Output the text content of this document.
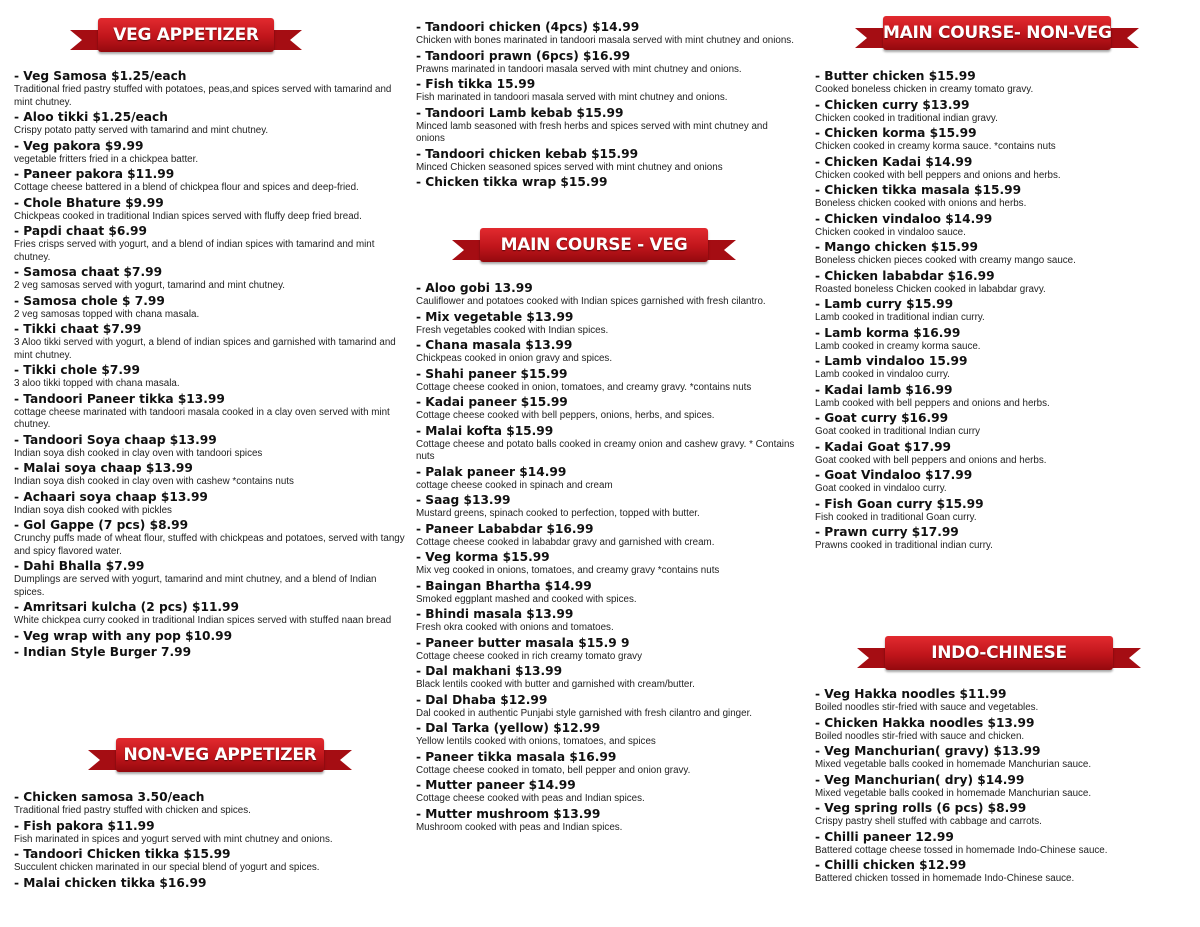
VEG APPETIZER
- Veg Samosa $1.25/each
Traditional fried pastry stuffed with potatoes, peas,and spices served with tamarind and mint chutney.
- Aloo tikki $1.25/each
Crispy potato patty served with tamarind and mint chutney.
- Veg pakora $9.99
vegetable fritters fried in a chickpea batter.
- Paneer pakora $11.99
Cottage cheese battered in a blend of chickpea flour and spices and deep-fried.
- Chole Bhature $9.99
Chickpeas cooked in traditional Indian spices served with fluffy deep fried bread.
- Papdi chaat $6.99
Fries crisps served with yogurt, and a blend of indian spices with tamarind and mint chutney.
- Samosa chaat $7.99
2 veg samosas served with yogurt, tamarind and mint chutney.
- Samosa chole $ 7.99
2 veg samosas topped with chana masala.
- Tikki chaat $7.99
3 Aloo tikki served with yogurt, a blend of indian spices and garnished with tamarind and mint chutney.
- Tikki chole $7.99
3 aloo tikki topped with chana masala.
- Tandoori Paneer tikka $13.99
cottage cheese marinated with tandoori masala cooked in a clay oven served with mint chutney.
- Tandoori Soya chaap $13.99
Indian soya dish cooked in clay oven with tandoori spices
- Malai soya chaap $13.99
Indian soya dish cooked in clay oven with cashew *contains nuts
- Achaari soya chaap $13.99
Indian soya dish cooked with pickles
- Gol Gappe (7 pcs) $8.99
Crunchy puffs made of wheat flour, stuffed with chickpeas and potatoes, served with tangy and spicy flavored water.
- Dahi Bhalla $7.99
Dumplings are served with yogurt, tamarind and mint chutney, and a blend of Indian spices.
- Amritsari kulcha (2 pcs) $11.99
White chickpea curry cooked in traditional Indian spices served with stuffed naan bread
- Veg wrap with any pop $10.99
- Indian Style Burger 7.99
NON-VEG APPETIZER
- Chicken samosa 3.50/each
Traditional fried pastry stuffed with chicken and spices.
- Fish pakora $11.99
Fish marinated in spices and yogurt served with mint chutney and onions.
- Tandoori Chicken tikka $15.99
Succulent chicken marinated in our special blend of yogurt and spices.
- Malai chicken tikka $16.99
- Tandoori chicken (4pcs) $14.99
Chicken with bones marinated in tandoori masala served with mint chutney and onions.
- Tandoori prawn (6pcs) $16.99
Prawns marinated in tandoori masala served with mint chutney and onions.
- Fish tikka 15.99
Fish marinated in tandoori masala served with mint chutney and onions.
- Tandoori Lamb kebab $15.99
Minced lamb seasoned with fresh herbs and spices served with mint chutney and onions
- Tandoori chicken kebab $15.99
Minced Chicken seasoned spices served with mint chutney and onions
- Chicken tikka wrap $15.99
MAIN COURSE - VEG
- Aloo gobi 13.99
Cauliflower and potatoes cooked with Indian spices garnished with fresh cilantro.
- Mix vegetable $13.99
Fresh vegetables cooked with Indian spices.
- Chana masala $13.99
Chickpeas cooked in onion gravy and spices.
- Shahi paneer $15.99
Cottage cheese cooked in onion, tomatoes, and creamy gravy. *contains nuts
- Kadai paneer $15.99
Cottage cheese cooked with bell peppers, onions, herbs, and spices.
- Malai kofta $15.99
Cottage cheese and potato balls cooked in creamy onion and cashew gravy. * Contains nuts
- Palak paneer $14.99
cottage cheese cooked in spinach and cream
- Saag $13.99
Mustard greens, spinach cooked to perfection, topped with butter.
- Paneer Lababdar $16.99
Cottage cheese cooked in lababdar gravy and garnished with cream.
- Veg korma $15.99
Mix veg cooked in onions, tomatoes, and creamy gravy *contains nuts
- Baingan Bhartha $14.99
Smoked eggplant mashed and cooked with spices.
- Bhindi masala $13.99
Fresh okra cooked with onions and tomatoes.
- Paneer butter masala $15.9 9
Cottage cheese cooked in rich creamy tomato gravy
- Dal makhani $13.99
Black lentils cooked with butter and garnished with cream/butter.
- Dal Dhaba $12.99
Dal cooked in authentic Punjabi style garnished with fresh cilantro and ginger.
- Dal Tarka (yellow) $12.99
Yellow lentils cooked with onions, tomatoes, and spices
- Paneer tikka masala $16.99
Cottage cheese cooked in tomato, bell pepper and onion gravy.
- Mutter paneer $14.99
Cottage cheese cooked with peas and Indian spices.
- Mutter mushroom $13.99
Mushroom cooked with peas and Indian spices.
MAIN COURSE- NON-VEG
- Butter chicken $15.99
Cooked boneless chicken in creamy tomato gravy.
- Chicken curry $13.99
Chicken cooked in traditional indian gravy.
- Chicken korma $15.99
Chicken cooked in creamy korma sauce. *contains nuts
- Chicken Kadai $14.99
Chicken cooked with bell peppers and onions and herbs.
- Chicken tikka masala $15.99
Boneless chicken cooked with onions and herbs.
- Chicken vindaloo $14.99
Chicken cooked in vindaloo sauce.
- Mango chicken $15.99
Boneless chicken pieces cooked with creamy mango sauce.
- Chicken lababdar $16.99
Roasted boneless Chicken cooked in lababdar gravy.
- Lamb curry $15.99
Lamb cooked in traditional indian curry.
- Lamb korma $16.99
Lamb cooked in creamy korma sauce.
- Lamb vindaloo 15.99
Lamb cooked in vindaloo curry.
- Kadai lamb $16.99
Lamb cooked with bell peppers and onions and herbs.
- Goat curry $16.99
Goat cooked in traditional Indian curry
- Kadai Goat $17.99
Goat cooked with bell peppers and onions and herbs.
- Goat Vindaloo $17.99
Goat cooked in vindaloo curry.
- Fish Goan curry $15.99
Fish cooked in traditional Goan curry.
- Prawn curry $17.99
Prawns cooked in traditional indian curry.
INDO-CHINESE
- Veg Hakka noodles $11.99
Boiled noodles stir-fried with sauce and vegetables.
- Chicken Hakka noodles $13.99
Boiled noodles stir-fried with sauce and chicken.
- Veg Manchurian( gravy) $13.99
Mixed vegetable balls cooked in homemade Manchurian sauce.
- Veg Manchurian( dry) $14.99
Mixed vegetable balls cooked in homemade Manchurian sauce.
- Veg spring rolls (6 pcs) $8.99
Crispy pastry shell stuffed with cabbage and carrots.
- Chilli paneer 12.99
Battered cottage cheese tossed in homemade Indo-Chinese sauce.
- Chilli chicken $12.99
Battered chicken tossed in homemade Indo-Chinese sauce.
